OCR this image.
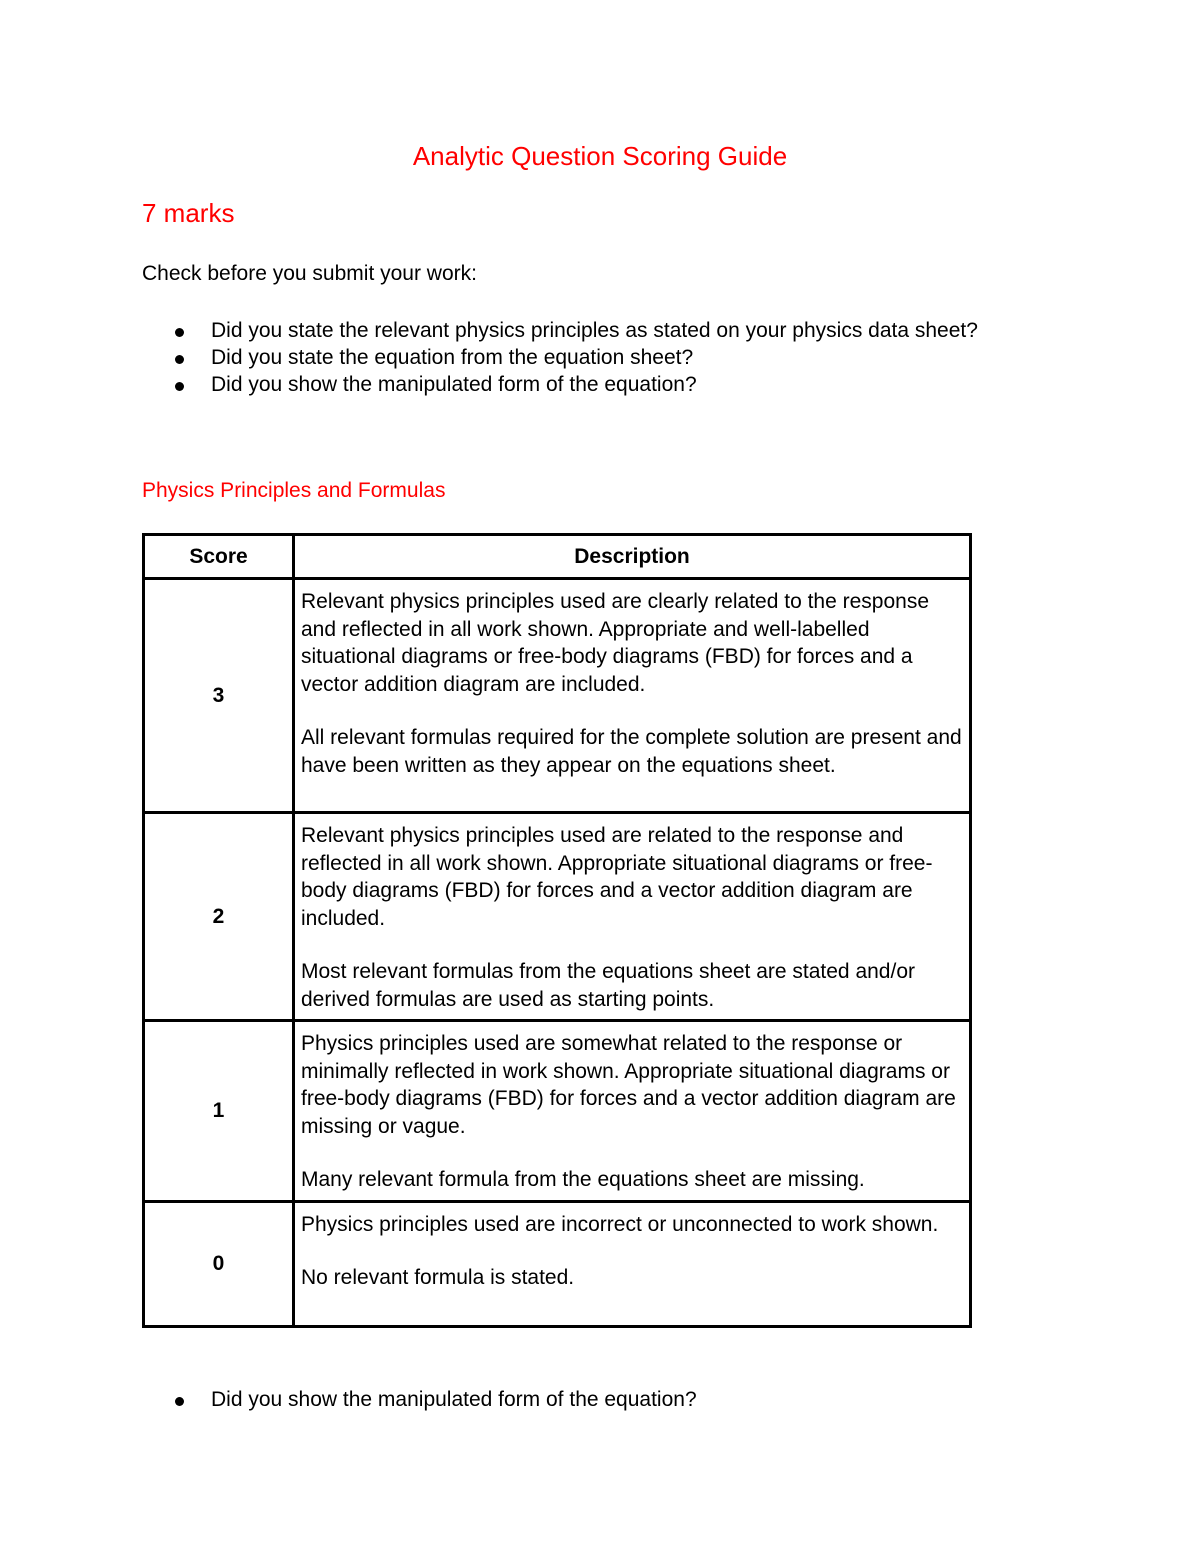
Analytic Question Scoring Guide
7 marks
Check before you submit your work:
Did you state the relevant physics principles as stated on your physics data sheet?
Did you state the equation from the equation sheet?
Did you show the manipulated form of the equation?
Physics Principles and Formulas
Score	Description
3	Relevant physics principles used are clearly related to the response and reflected in all work shown. Appropriate and well-labelled situational diagrams or free-body diagrams (FBD) for forces and a vector addition diagram are included.

All relevant formulas required for the complete solution are present and have been written as they appear on the equations sheet.

2	Relevant physics principles used are related to the response and reflected in all work shown. Appropriate situational diagrams or free-body diagrams (FBD) for forces and a vector addition diagram are included.

Most relevant formulas from the equations sheet are stated and/or derived formulas are used as starting points.

1	Physics principles used are somewhat related to the response or minimally reflected in work shown. Appropriate situational diagrams or free-body diagrams (FBD) for forces and a vector addition diagram are missing or vague.

Many relevant formula from the equations sheet are missing.

0	Physics principles used are incorrect or unconnected to work shown.

No relevant formula is stated.

Did you show the manipulated form of the equation?
